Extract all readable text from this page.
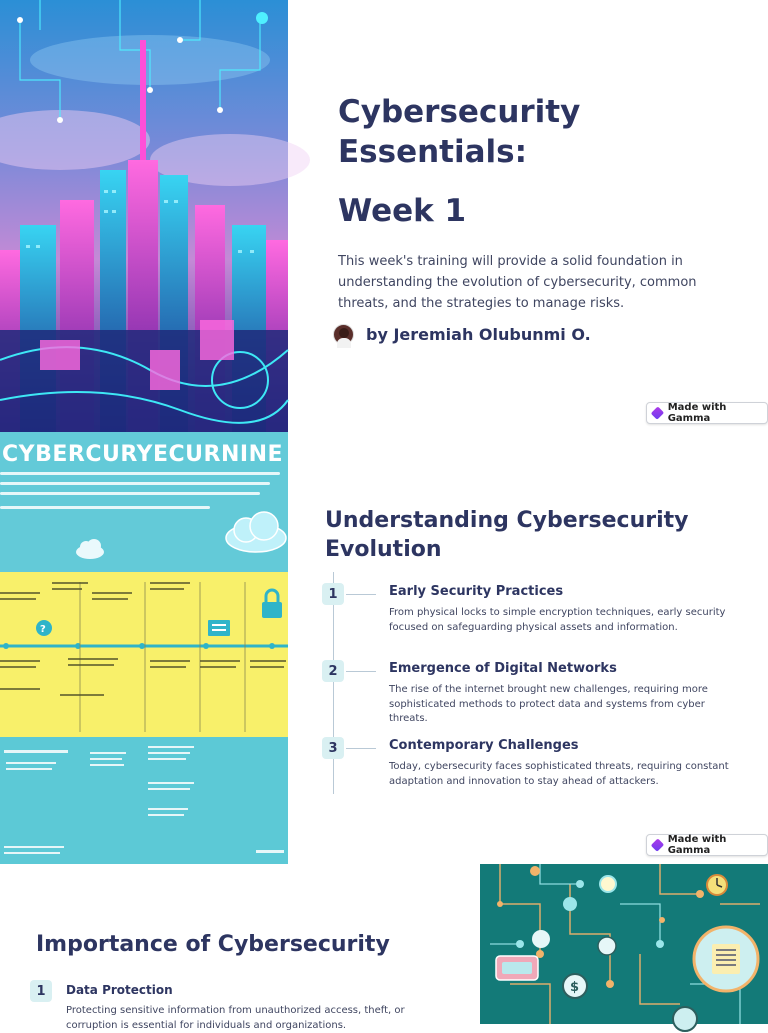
Cybersecurity
Essentials:
Week 1

This week's training will provide a solid foundation in understanding the evolution of cybersecurity, common threats, and the strategies to manage risks.

by Jeremiah Olubunmi O.
Made with Gamma
?
CYBERCURYECURNINE
Understanding Cybersecurity Evolution
1	Early Security Practices
From physical locks to simple encryption techniques, early security focused on safeguarding physical assets and information.
2	Emergence of Digital Networks
The rise of the internet brought new challenges, requiring more sophisticated methods to protect data and systems from cyber threats.
3	Contemporary Challenges
Today, cybersecurity faces sophisticated threats, requiring constant adaptation and innovation to stay ahead of attackers.
Made with Gamma
Importance of Cybersecurity
1	Data Protection
Protecting sensitive information from unauthorized access, theft, or corruption is essential for individuals and organizations.
$
